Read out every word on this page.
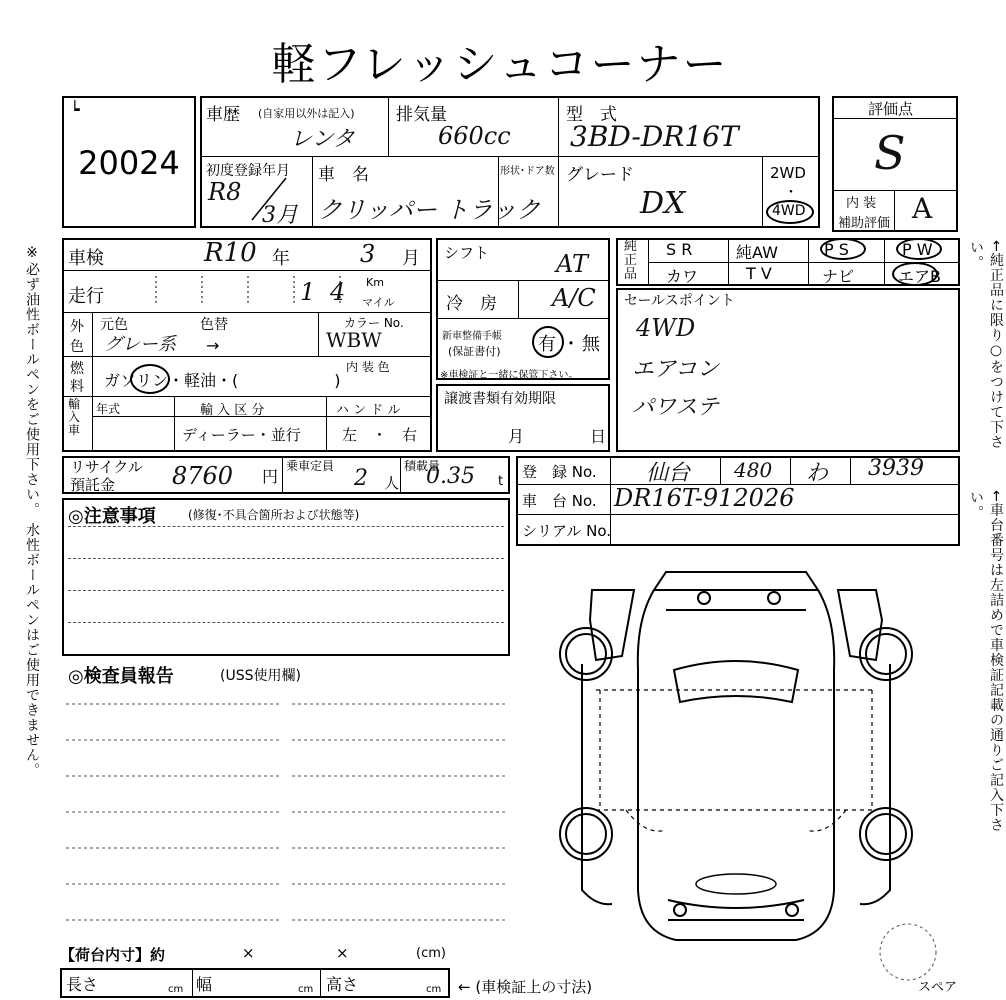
軽フレッシュコーナー
※必ず油性ボールペンをご使用下さい。 水性ボールペンはご使用できません。	←純正品に限り○をつけて下さい。
←車台番号は左詰めで車検証記載の通りご記入下さい。
┕
20024
車歴 (自家用以外は記入)
レンタ
排気量
660cc
型　式
3BD-DR16T
初度登録年月
R8
3月
車　名
クリッパー トラック
形状･ドア数 グレード
DX
2WD
・
4WD
評価点
S
内 装
補助評価 A
車検	R10 年	3 月
走行	1 4 Km
マイル
外
色
元色	色替
グレー系 →
カラー No.
WBW
燃
料
内 装 色
ガソリン・軽油・(　　　　　　)
輸
入
車
年式	輸 入 区 分
ディーラー・並行
ハ ン ド ル
左　・　右
シフト	AT
冷　房 A/C
新車整備手帳
(保証書付) 有 ・ 無
※車検証と一緒に保管下さい。
譲渡書類有効期限
月	日
純
正
品
S R	純AW	P S	P W
カワ	T V	ナビ	エアB
セールスポイント
4WD
エアコン
パワステ
リサイクル
預託金 8760 円
乗車定員 2 人
積載量
0.35 t
登　録 No. 仙台 480 わ 3939
車　台 No. DR16T-912026
シリアル No.
◎注意事項	(修復･不具合箇所および状態等)
◎検査員報告	(USS使用欄)
スペア
【荷台内寸】約	×	×	(cm)
長さ	cm 幅	cm 高さ	cm ← (車検証上の寸法)
